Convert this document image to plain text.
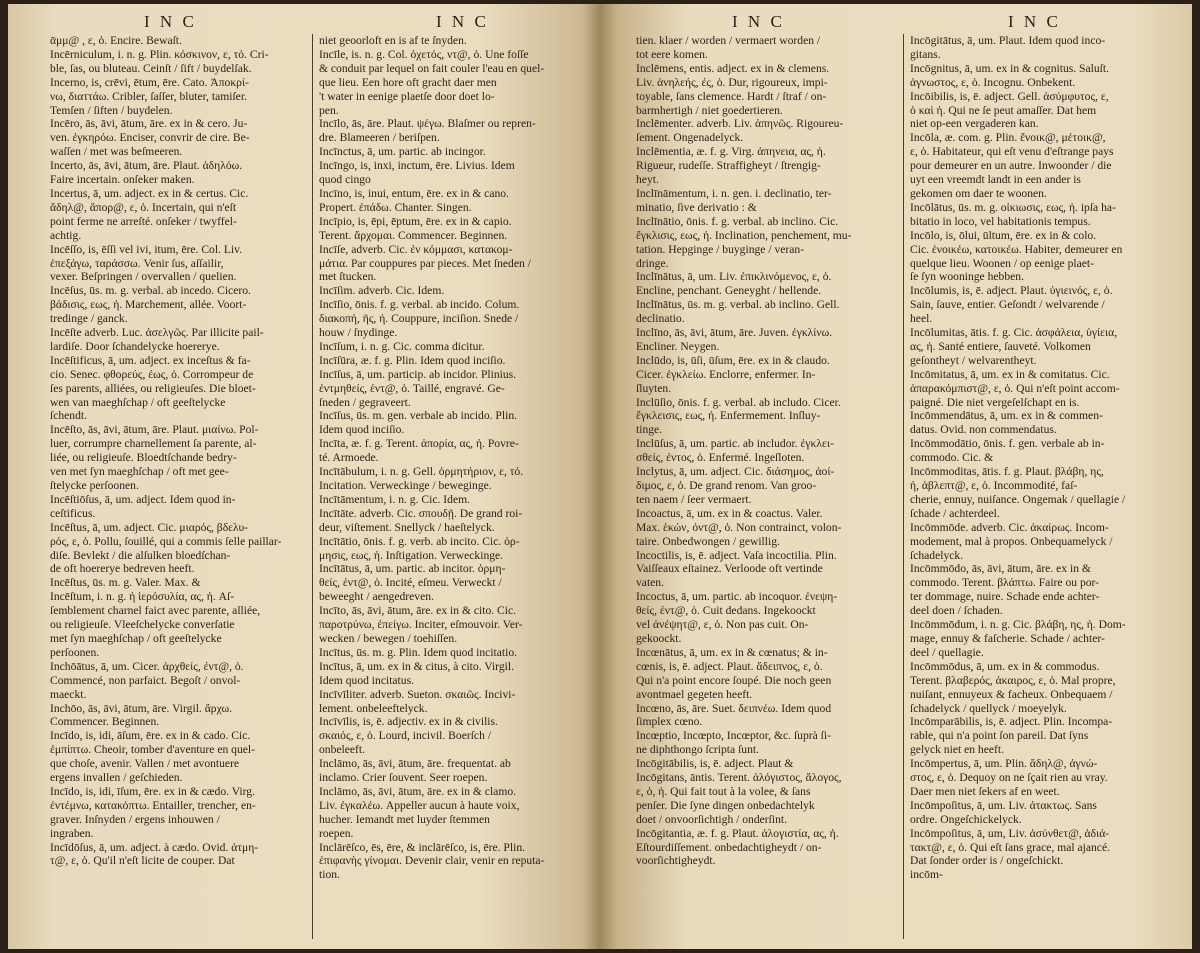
I N C	I N C
ᾱμμ@ , ε, ὁ. Encire. Bewaſt.
Incērniculum, i. n. g. Plin. κόσκινον, ε, τό. Cri-
ble, ſas, ou bluteau. Ceinſt / ſift / buydelſak.
Incerno, is, crēvi, ētum, ēre. Cato. Ἀποκρί-
νω, διαττάω. Cribler, ſaſſer, bluter, tamiſer.
Temſen / ſiften / buydelen.
Incēro, ās, āvi, ātum, āre. ex in & cero. Ju-
ven. ἐγκηρόω. Enciser, convrir de cire. Be-
waſſen / met was beſmeeren.
Incerto, ās, āvi, ātum, āre. Plaut. ἀδηλόω.
Faire incertain. onſeker maken.
Incertus, ā, um. adject. ex in & certus. Cic.
ἄδηλ@, ἄπορ@, ε, ὁ. Incertain, qui n'eſt
point ferme ne arreſté. onſeker / twyffel-
achtig.
Incēſſo, is, ēſſi vel ivi, itum, ēre. Col. Liv.
ἐπεξάγω, ταράσσω. Venir ſus, aſſailir,
vexer. Beſpringen / overvallen / quelien.
Incēſus, ūs. m. g. verbal. ab incedo. Cicero.
βάδισις, εως, ἡ. Marchement, allée. Voort-
tredinge / ganck.
Incēſte adverb. Luc. ἀσελγῶς. Par illicite pail-
lardiſe. Door ſchandelycke hoererye.
Incēſtificus, ā, um. adject. ex inceſtus & fa-
cio. Senec. φθορεύς, έως, ὁ. Corrompeur de
ſes parents, alliées, ou religieuſes. Die bloet-
wen van maeghſchap / oft geeſtelycke
ſchendt.
Incēſto, ās, āvi, ātum, āre. Plaut. μιαίνω. Pol-
luer, corrumpre charnellement ſa parente, al-
liée, ou religieuſe. Bloedtſchande bedry-
ven met ſyn maeghſchap / oft met gee-
ſtelycke perſoonen.
Incēſtiōſus, ā, um. adject. Idem quod in-
ceſtificus.
Incēſtus, ā, um. adject. Cic. μιαρός, βδελυ-
ρός, ε, ὁ. Pollu, ſouillé, qui a commis ſelle paillar-
diſe. Bevlekt / die alſulken bloedſchan-
de oft hoererye bedreven heeft.
Incēſtus, ūs. m. g. Valer. Max. &
Incēſtum, i. n. g. ἡ ἱερόσυλία, ας, ἡ. Aſ-
ſemblement charnel faict avec parente, alliée,
ou religieuſe. Vleeſchelycke converſatie
met ſyn maeghſchap / oft geeſtelycke
perſoonen.
Inchōātus, ā, um. Cicer. ἀρχθείς, έντ@, ὁ.
Commencé, non parfaict. Begoſt / onvol-
maeckt.
Inchōo, ās, āvi, ātum, āre. Virgil. ἄρχω.
Commencer. Beginnen.
Incīdo, is, idi, āſum, ēre. ex in & cado. Cic.
ἐμπίπτω. Cheoir, tomber d'aventure en quel-
que choſe, avenir. Vallen / met avontuere
ergens invallen / geſchieden.
Incīdo, is, idi, īſum, ēre. ex in & cædo. Virg.
ἐντέμνω, κατακόπτω. Entailler, trencher, en-
graver. Inſnyden / ergens inhouwen /
ingraben.
Incīdōſus, ā, um. adject. à cædo. Ovid. ἀτμη-
τ@, ε, ὁ. Qu'il n'eſt licite de couper. Dat
niet geoorloft en is af te ſnyden.
Incīle, is. n. g. Col. ὀχετός, ντ@, ὁ. Une foſſe
& conduit par lequel on fait couler l'eau en quel-
que lieu. Een hore oft gracht daer men
't water in eenige plaetſe door doet lo-
pen.
Incīlo, ās, āre. Plaut. ψέγω. Blaſmer ou repren-
dre. Blameeren / beriſpen.
Incīnctus, ā, um. partic. ab incingor.
Incīngo, is, inxi, inctum, ēre. Livius. Idem
quod cingo
Incīno, is, inui, entum, ēre. ex in & cano.
Propert. ἐπάδω. Chanter. Singen.
Incīpio, is, ēpi, ēptum, ēre. ex in & capio.
Terent. ἄρχομαι. Commencer. Beginnen.
Incīſe, adverb. Cic. ἐν κόμμασι, κατακομ-
μάτια. Par couppures par pieces. Met ſneden /
met ſtucken.
Incīſim. adverb. Cic. Idem.
Incīſio, ōnis. f. g. verbal. ab incido. Colum.
διακοπή, ῆς, ἡ. Couppure, inciſion. Snede /
houw / ſnydinge.
Incīſum, i. n. g. Cic. comma dicitur.
Incīſūra, æ. f. g. Plin. Idem quod inciſio.
Incīſus, ā, um. particip. ab incidor. Plinius.
ἐντμηθείς, έντ@, ὁ. Taillé, engravé. Ge-
ſneden / gegraveert.
Incīſus, ūs. m. gen. verbale ab incido. Plin.
Idem quod inciſio.
Incīta, æ. f. g. Terent. ἀπορία, ας, ἡ. Povre-
té. Armoede.
Incītābulum, i. n. g. Gell. ὁρμητήριον, ε, τό.
Incitation. Verweckinge / beweginge.
Incītāmentum, i. n. g. Cic. Idem.
Incītāte. adverb. Cic. σπουδῇ. De grand roi-
deur, viſtement. Snellyck / haeſtelyck.
Incītātio, ōnis. f. g. verb. ab incito. Cic. ὁρ-
μησις, εως, ἡ. Inſtigation. Verweckinge.
Incītātus, ā, um. partic. ab incitor. ὁρμη-
θείς, έντ@, ὁ. Incité, eſmeu. Verweckt /
beweeght / aengedreven.
Incīto, ās, āvi, ātum, āre. ex in & cito. Cic.
παροτρύνω, ἐπείγω. Inciter, eſmouvoir. Ver-
wecken / bewegen / toehiſſen.
Incītus, ūs. m. g. Plin. Idem quod incitatio.
Incītus, ā, um. ex in & citus, à cito. Virgil.
Idem quod incitatus.
Incīvīliter. adverb. Sueton. σκαιῶς. Incivi-
lement. onbeleeftelyck.
Incīvīlis, is, ē. adjectiv. ex in & civilis.
σκαιός, ε, ὁ. Lourd, incivil. Boerſch /
onbeleeft.
Inclāmo, ās, āvi, ātum, āre. frequentat. ab
inclamo. Crier ſouvent. Seer roepen.
Inclāmo, ās, āvi, ātum, āre. ex in & clamo.
Liv. ἐγκαλέω. Appeller aucun à haute voix,
hucher. Iemandt met luyder ſtemmen
roepen.
Inclārēſco, ēs, ēre, & inclārēſco, is, ēre. Plin.
ἐπιφανὴς γίνομαι. Devenir clair, venir en reputa-
tion.
I N C	I N C
tien. klaer / worden / vermaert worden /
tot eere komen.
Inclēmens, entis. adject. ex in & clemens.
Liv. ἀνηλεής, ές, ὁ. Dur, rigoureux, impi-
toyable, ſans clemence. Hardt / ſtraf / on-
barmhertigh / niet goedertieren.
Inclēmenter. adverb. Liv. ἀπηνῶς. Rigoureu-
ſement. Ongenadelyck.
Inclēmentia, æ. f. g. Virg. ἀπηνεια, ας, ἡ.
Rigueur, rudeſſe. Straffigheyt / ſtrengig-
heyt.
Inclīnāmentum, i. n. gen. i. declinatio, ter-
minatio, ſive derivatio : &
Inclīnātio, ōnis. f. g. verbal. ab inclino. Cic.
ἔγκλισις, εως, ἡ. Inclination, penchement, mu-
tation. Hepginge / buyginge / veran-
dringe.
Inclīnātus, ā, um. Liv. ἐπικλινόμενος, ε, ὁ.
Encline, penchant. Geneyght / hellende.
Inclīnātus, ūs. m. g. verbal. ab inclino. Gell.
declinatio.
Inclīno, ās, āvi, ātum, āre. Juven. ἐγκλίνω.
Encliner. Neygen.
Inclūdo, is, ūſi, ūſum, ēre. ex in & claudo.
Cicer. ἐγκλείω. Enclorre, enfermer. In-
ſluyten.
Inclūſio, ōnis. f. g. verbal. ab includo. Cicer.
ἔγκλεισις, εως, ἡ. Enfermement. Inſluy-
tinge.
Inclūſus, ā, um. partic. ab includor. ἐγκλει-
σθείς, έντος, ὁ. Enfermé. Ingeſloten.
Inclytus, ā, um. adject. Cic. διάσημος, ἀοί-
διμος, ε, ὁ. De grand renom. Van groo-
ten naem / ſeer vermaert.
Incoactus, ā, um. ex in & coactus. Valer.
Max. ἑκών, όντ@, ὁ. Non contrainct, volon-
taire. Onbedwongen / gewillig.
Incoctilis, is, ē. adject. Vaſa incoctilia. Plin.
Vaiſſeaux eſtainez. Verloode oft vertinde
vaten.
Incoctus, ā, um. partic. ab incoquor. ἐνεψη-
θείς, έντ@, ὁ. Cuit dedans. Ingekoockt
vel ἀνέψητ@, ε, ὁ. Non pas cuit. On-
gekoockt.
Incœnātus, ā, um. ex in & cœnatus; & in-
cœnis, is, ē. adject. Plaut. ἄδειπνος, ε, ὁ.
Qui n'a point encore ſoupé. Die noch geen
avontmael gegeten heeft.
Incœno, ās, āre. Suet. δειπνέω. Idem quod
ſimplex cœno.
Incœptio, Incœpto, Incœptor, &c. ſuprà ſi-
ne diphthongo ſcripta ſunt.
Incōgitābilis, is, ē. adject. Plaut &
Incōgitans, āntis. Terent. ἀλόγιστος, ἄλογος,
ε, ὁ, ἡ. Qui fait tout à la volee, & ſans
penſer. Die ſyne dingen onbedachtelyk
doet / onvoorſichtigh / onderſint.
Incōgitantia, æ. f. g. Plaut. ἀλογιστία, ας, ἡ.
Eſtourdiſſement. onbedachtigheydt / on-
voorſichtigheydt.
Incōgitātus, ā, um. Plaut. Idem quod inco-
gitans.
Incōgnitus, ā, um. ex in & cognitus. Saluſt.
ἀγνωστος, ε, ὁ. Incognu. Onbekent.
Incōibilis, is, ē. adject. Gell. ἀσύμφυτος, ε,
ὁ καὶ ἡ. Qui ne ſe peut amaſſer. Dat hem
niet op-een vergaderen kan.
Incōla, æ. com. g. Plin. ἔνοικ@, μέτοικ@,
ε, ὁ. Habitateur, qui eſt venu d'eſtrange pays
pour demeurer en un autre. Inwoonder / die
uyt een vreemdt landt in een ander is
gekomen om daer te woonen.
Incōlātus, ūs. m. g. οἰκιωσις, εως, ἡ. ipſa ha-
bitatio in loco, vel habitationis tempus.
Incōlo, is, ōlui, ūltum, ēre. ex in & colo.
Cic. ἐνοικέω, κατοικέω. Habiter, demeurer en
quelque lieu. Woonen / op eenige plaet-
ſe ſyn wooninge hebben.
Incōlumis, is, ē. adject. Plaut. ὑγιεινός, ε, ὁ.
Sain, ſauve, entier. Geſondt / welvarende /
heel.
Incōlumitas, ātis. f. g. Cic. ἀσφάλεια, ὑγίεια,
ας, ἡ. Santé entiere, ſauveté. Volkomen
geſontheyt / welvarentheyt.
Incōmitatus, ā, um. ex in & comitatus. Cic.
ἀπαρακόμπιστ@, ε, ὁ. Qui n'eſt point accom-
paigné. Die niet vergeſelſchapt en is.
Incōmmendātus, ā, um. ex in & commen-
datus. Ovid. non commendatus.
Incōmmodātio, ōnis. f. gen. verbale ab in-
commodo. Cic. &
Incōmmoditas, ātis. f. g. Plaut. βλάβη, ης,
ἡ, ἀβλεπτ@, ε, ὁ. Incommodité, faſ-
cherie, ennuy, nuiſance. Ongemak / quellagie /
ſchade / achterdeel.
Incōmmōde. adverb. Cic. ἀκαίρως. Incom-
modement, mal à propos. Onbequamelyck /
ſchadelyck.
Incōmmōdo, ās, āvi, ātum, āre. ex in &
commodo. Terent. βλάπτω. Faire ou por-
ter dommage, nuire. Schade ende achter-
deel doen / ſchaden.
Incōmmōdum, i. n. g. Cic. βλάβη, ης, ἡ. Dom-
mage, ennuy & faſcherie. Schade / achter-
deel / quellagie.
Incōmmōdus, ā, um. ex in & commodus.
Terent. βλαβερός, ἀκαιρος, ε, ὁ. Mal propre,
nuiſant, ennuyeux & facheux. Onbequaem /
ſchadelyck / quellyck / moeyelyk.
Incōmparābilis, is, ē. adject. Plin. Incompa-
rable, qui n'a point ſon pareil. Dat ſyns
gelyck niet en heeft.
Incōmpertus, ā, um. Plin. ἄδηλ@, ἀγνώ-
στος, ε, ὁ. Dequoy on ne ſçait rien au vray.
Daer men niet ſekers af en weet.
Incōmpoſitus, ā, um. Liv. ἀτακτως. Sans
ordre. Ongeſchickelyck.
Incōmpoſitus, ā, um, Liv. ἀσύνθετ@, ἀδιά-
τακτ@, ε, ὁ. Qui eſt ſans grace, mal ajancé.
Dat ſonder order is / ongeſchickt.
incōm-
